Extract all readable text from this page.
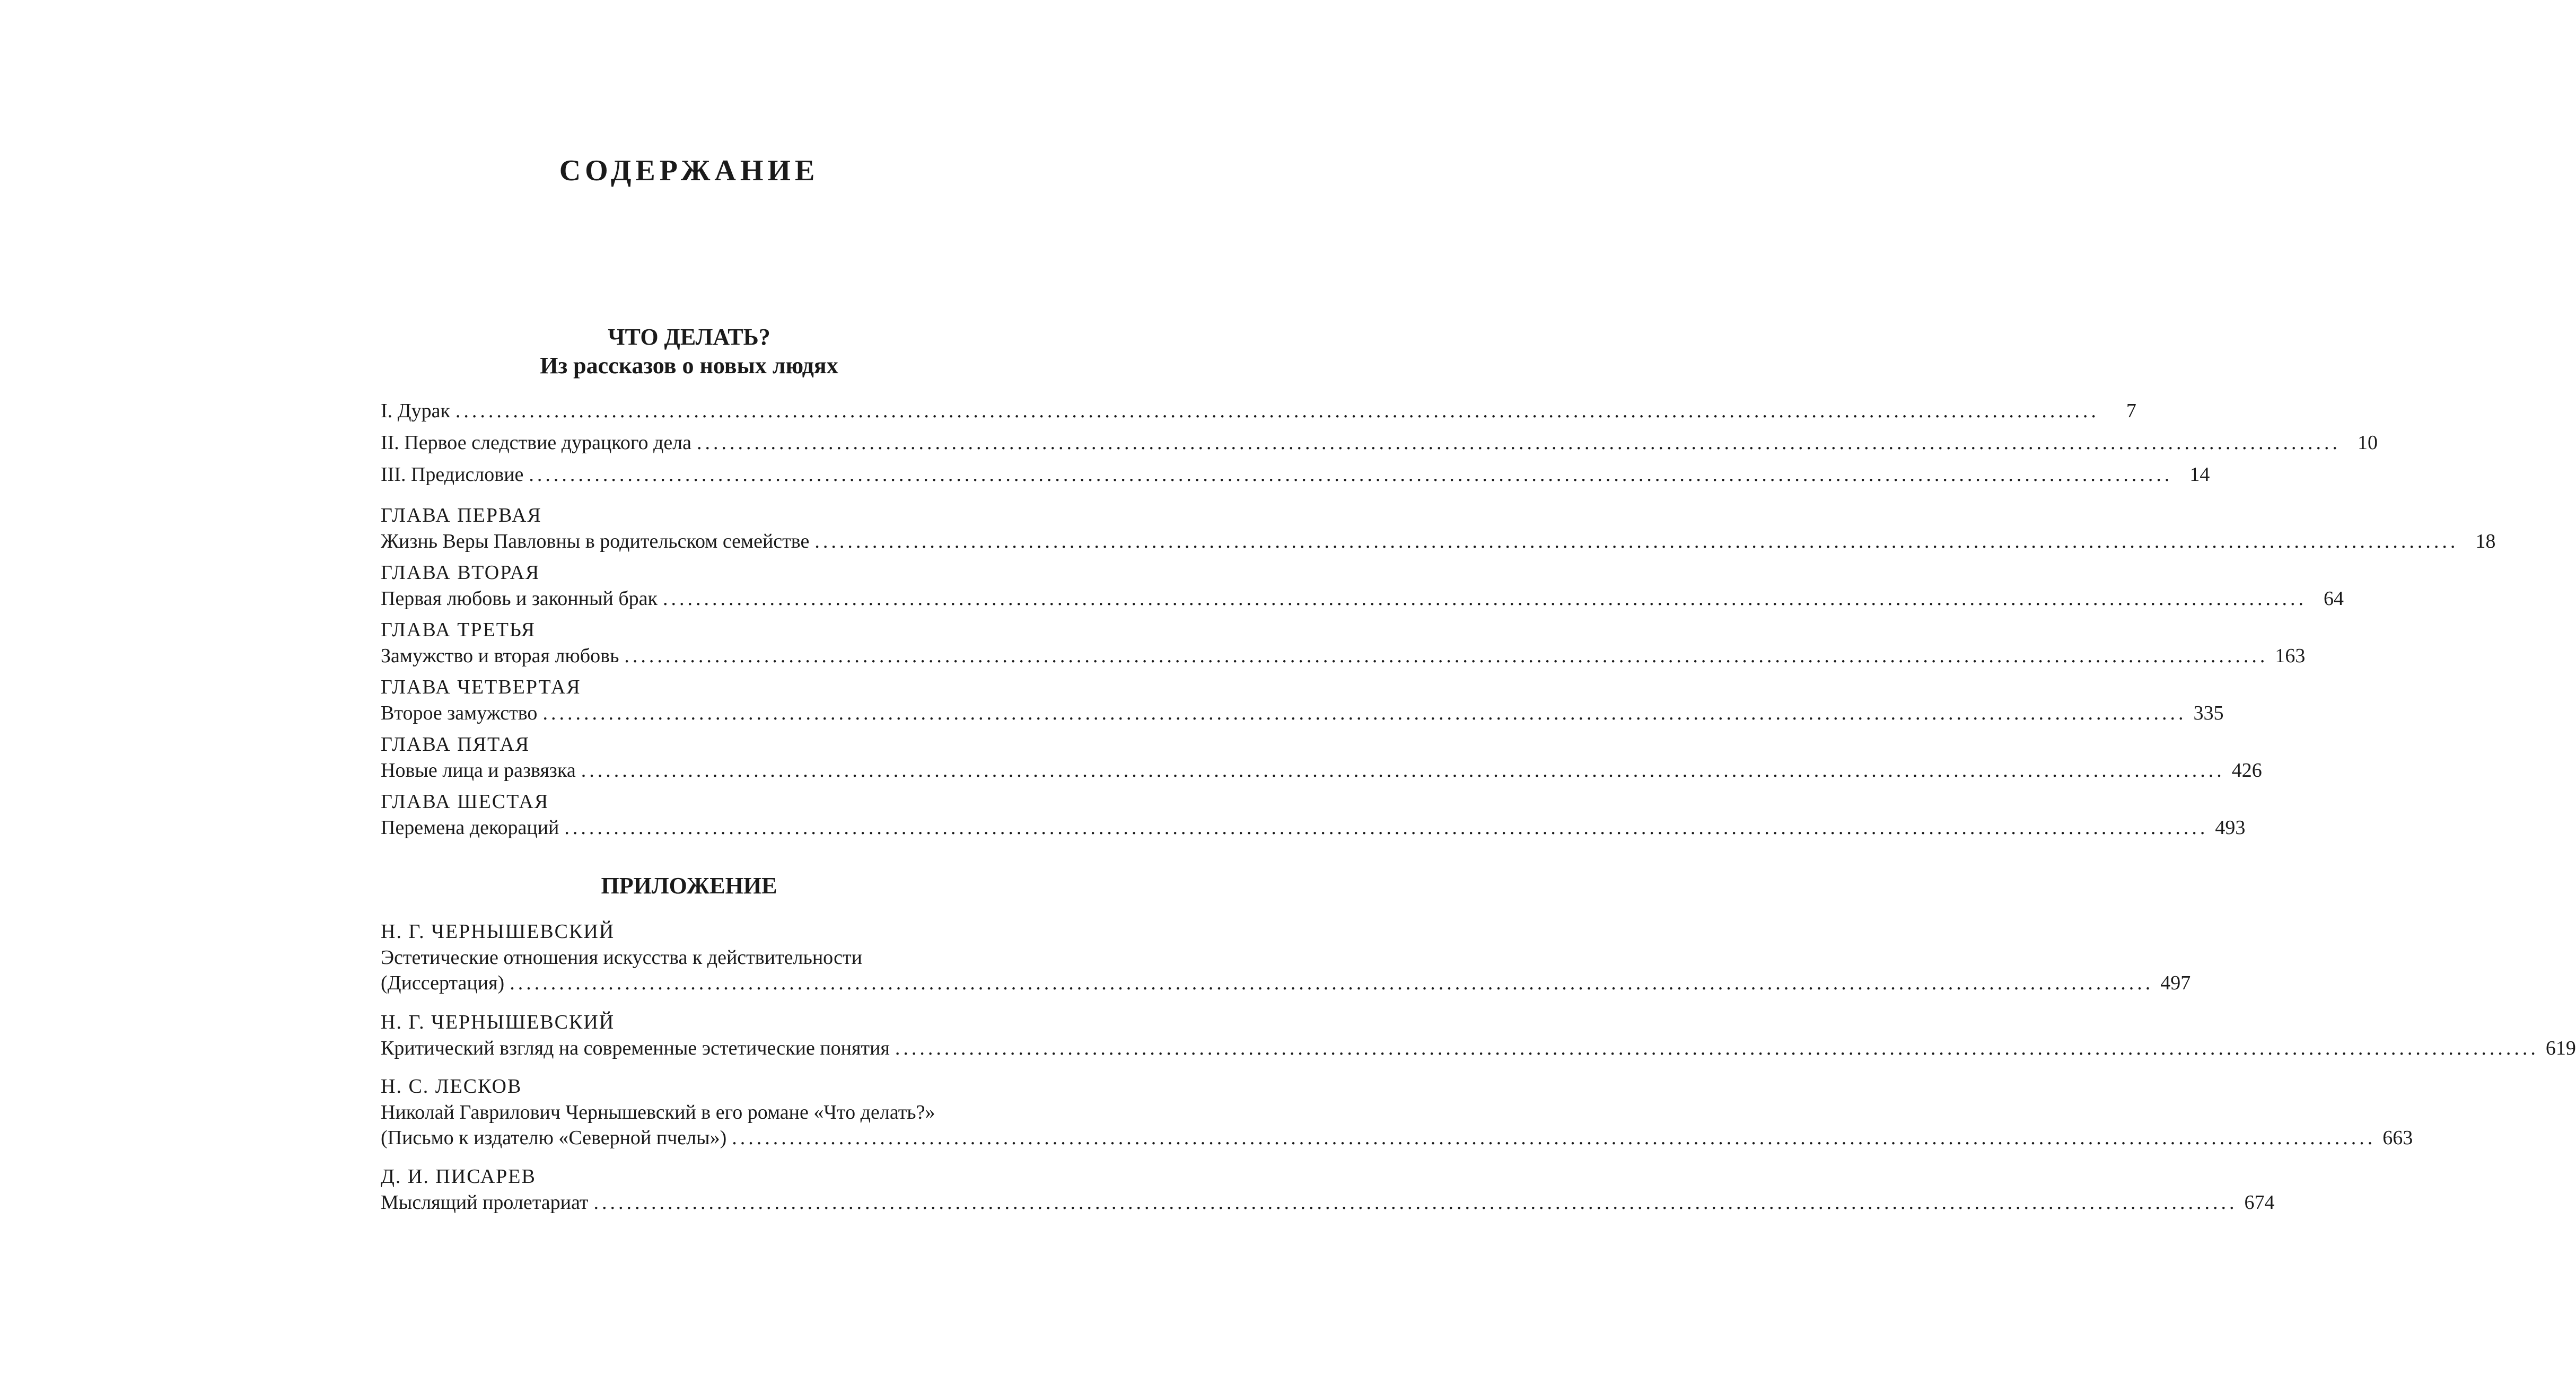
СОДЕРЖАНИЕ
ЧТО ДЕЛАТЬ?
Из рассказов о новых людях
I. Дурак ........................................................................................................................................................................................................	7
II. Первое следствие дурацкого дела ........................................................................................................................................................................................................ 10
III. Предисловие ........................................................................................................................................................................................................ 14
ГЛАВА ПЕРВАЯ
Жизнь Веры Павловны в родительском семействе ........................................................................................................................................................................................................ 18
ГЛАВА ВТОРАЯ
Первая любовь и законный брак ........................................................................................................................................................................................................ 64
ГЛАВА ТРЕТЬЯ
Замужство и вторая любовь ........................................................................................................................................................................................................ 163
ГЛАВА ЧЕТВЕРТАЯ
Второе замужство ........................................................................................................................................................................................................ 335
ГЛАВА ПЯТАЯ
Новые лица и развязка ........................................................................................................................................................................................................ 426
ГЛАВА ШЕСТАЯ
Перемена декораций ........................................................................................................................................................................................................ 493
ПРИЛОЖЕНИЕ
Н. Г. ЧЕРНЫШЕВСКИЙ
Эстетические отношения искусства к действительности
(Диссертация) ........................................................................................................................................................................................................ 497
Н. Г. ЧЕРНЫШЕВСКИЙ
Критический взгляд на современные эстетические понятия ........................................................................................................................................................................................................ 619
Н. С. ЛЕСКОВ
Николай Гаврилович Чернышевский в его романе «Что делать?»
(Письмо к издателю «Северной пчелы») ........................................................................................................................................................................................................ 663
Д. И. ПИСАРЕВ
Мыслящий пролетариат ........................................................................................................................................................................................................ 674
